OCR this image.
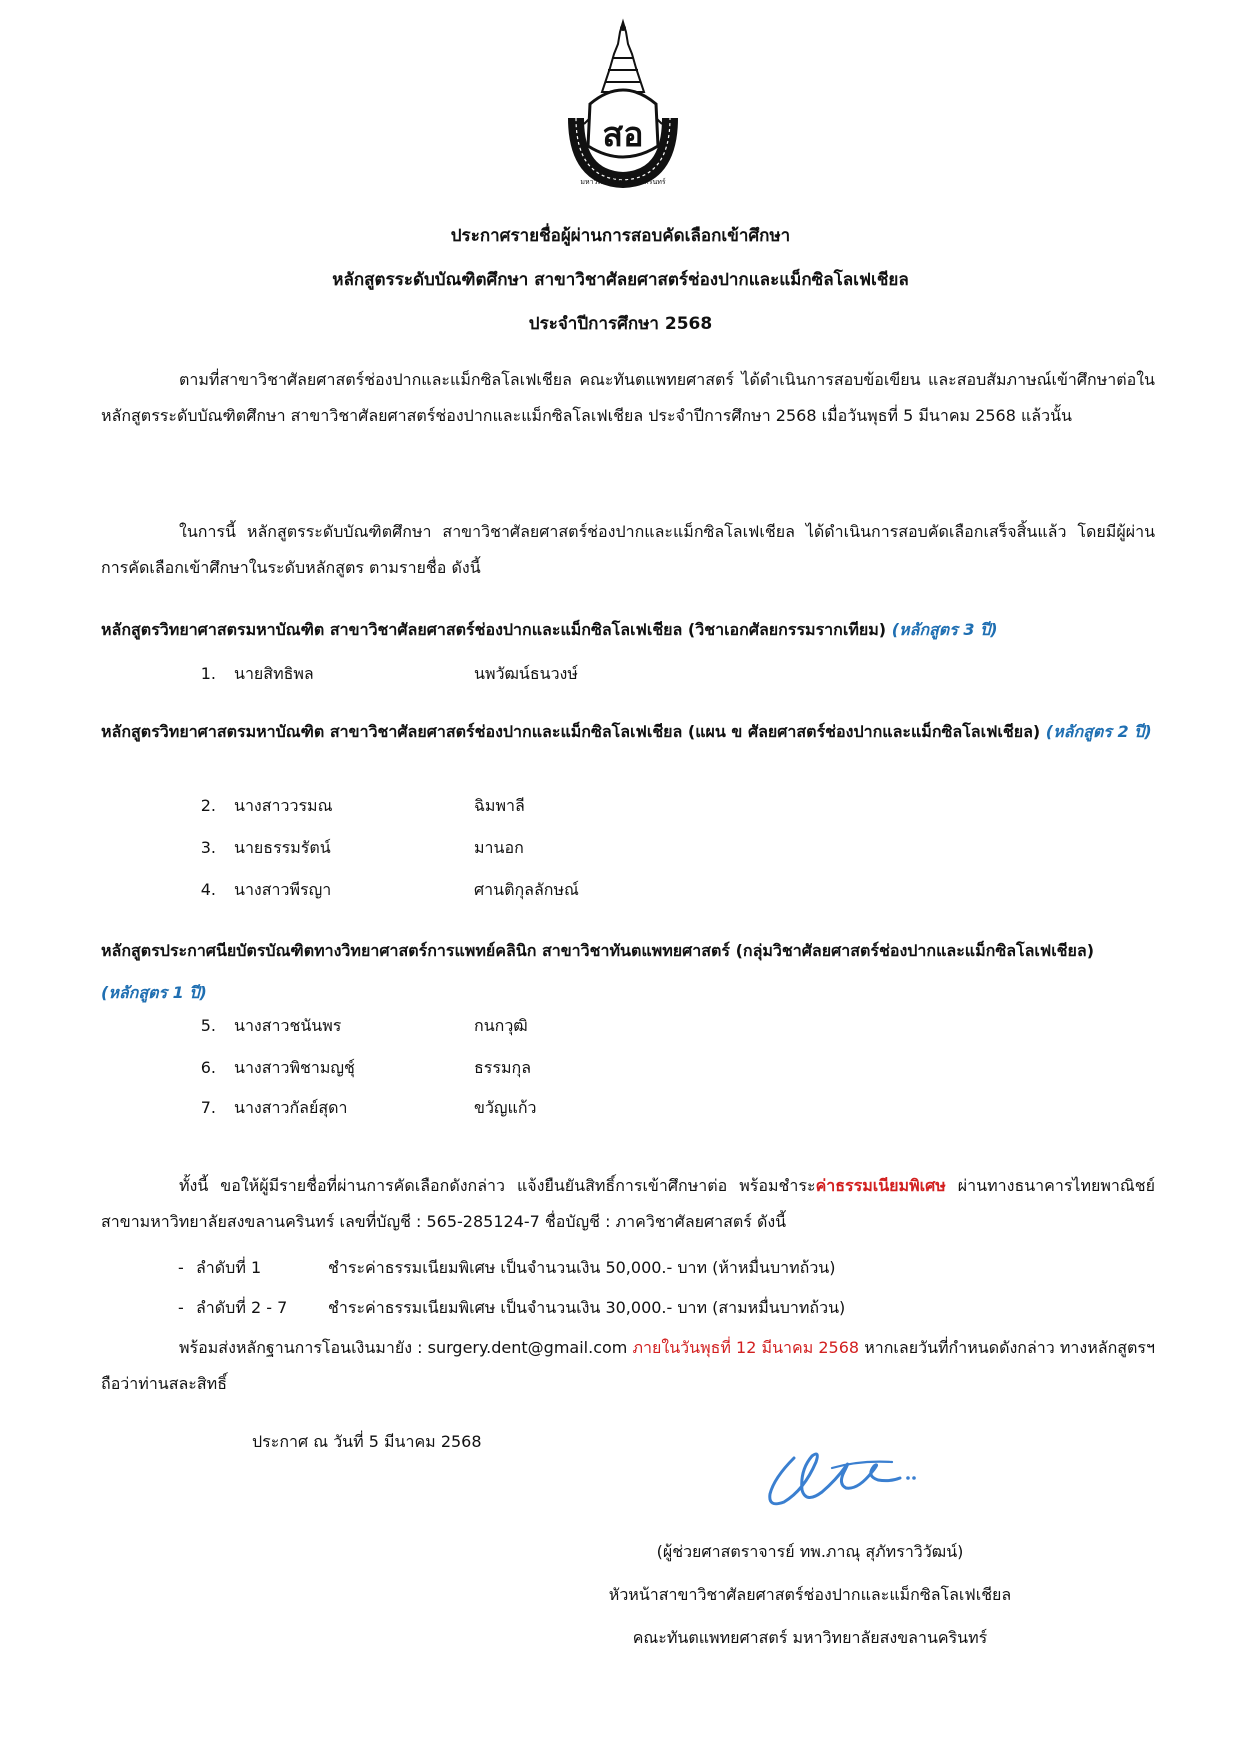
สอ
มหาวิทยาลัยสงขลานครินทร์
ประกาศรายชื่อผู้ผ่านการสอบคัดเลือกเข้าศึกษา
หลักสูตรระดับบัณฑิตศึกษา สาขาวิชาศัลยศาสตร์ช่องปากและแม็กซิลโลเฟเชียล
ประจำปีการศึกษา 2568
ตามที่สาขาวิชาศัลยศาสตร์ช่องปากและแม็กซิลโลเฟเชียล คณะทันตแพทยศาสตร์ ได้ดำเนินการสอบข้อเขียน และสอบสัมภาษณ์เข้าศึกษาต่อในหลักสูตรระดับบัณฑิตศึกษา สาขาวิชาศัลยศาสตร์ช่องปากและแม็กซิลโลเฟเชียล ประจำปีการศึกษา 2568 เมื่อวันพุธที่ 5 มีนาคม 2568 แล้วนั้น
ในการนี้ หลักสูตรระดับบัณฑิตศึกษา สาขาวิชาศัลยศาสตร์ช่องปากและแม็กซิลโลเฟเชียล ได้ดำเนินการสอบคัดเลือกเสร็จสิ้นแล้ว โดยมีผู้ผ่านการคัดเลือกเข้าศึกษาในระดับหลักสูตร ตามรายชื่อ ดังนี้
หลักสูตรวิทยาศาสตรมหาบัณฑิต สาขาวิชาศัลยศาสตร์ช่องปากและแม็กซิลโลเฟเชียล (วิชาเอกศัลยกรรมรากเทียม) (หลักสูตร 3 ปี)
1. นายสิทธิพล	นพวัฒน์ธนวงษ์
หลักสูตรวิทยาศาสตรมหาบัณฑิต สาขาวิชาศัลยศาสตร์ช่องปากและแม็กซิลโลเฟเชียล (แผน ข ศัลยศาสตร์ช่องปากและแม็กซิลโลเฟเชียล) (หลักสูตร 2 ปี)
2. นางสาววรมณ	ฉิมพาลี
3. นายธรรมรัตน์	มานอก
4. นางสาวพีรญา	ศานติกุลลักษณ์
หลักสูตรประกาศนียบัตรบัณฑิตทางวิทยาศาสตร์การแพทย์คลินิก สาขาวิชาทันตแพทยศาสตร์ (กลุ่มวิชาศัลยศาสตร์ช่องปากและแม็กซิลโลเฟเชียล) (หลักสูตร 1 ปี)
5. นางสาวชนันพร	กนกวุฒิ
6. นางสาวพิชามญชุ์	ธรรมกุล
7. นางสาวกัลย์สุดา	ขวัญแก้ว
ทั้งนี้ ขอให้ผู้มีรายชื่อที่ผ่านการคัดเลือกดังกล่าว แจ้งยืนยันสิทธิ์การเข้าศึกษาต่อ พร้อมชำระค่าธรรมเนียมพิเศษ ผ่านทางธนาคารไทยพาณิชย์ สาขามหาวิทยาลัยสงขลานครินทร์ เลขที่บัญชี : 565-285124-7 ชื่อบัญชี : ภาควิชาศัลยศาสตร์ ดังนี้
- ลำดับที่ 1	ชำระค่าธรรมเนียมพิเศษ เป็นจำนวนเงิน 50,000.- บาท (ห้าหมื่นบาทถ้วน)
- ลำดับที่ 2 - 7	ชำระค่าธรรมเนียมพิเศษ เป็นจำนวนเงิน 30,000.- บาท (สามหมื่นบาทถ้วน)
พร้อมส่งหลักฐานการโอนเงินมายัง : surgery.dent@gmail.com ภายในวันพุธที่ 12 มีนาคม 2568 หากเลยวันที่กำหนดดังกล่าว ทางหลักสูตรฯ ถือว่าท่านสละสิทธิ์
ประกาศ ณ วันที่ 5 มีนาคม 2568
(ผู้ช่วยศาสตราจารย์ ทพ.ภาณุ สุภัทราวิวัฒน์)
หัวหน้าสาขาวิชาศัลยศาสตร์ช่องปากและแม็กซิลโลเฟเชียล
คณะทันตแพทยศาสตร์ มหาวิทยาลัยสงขลานครินทร์
